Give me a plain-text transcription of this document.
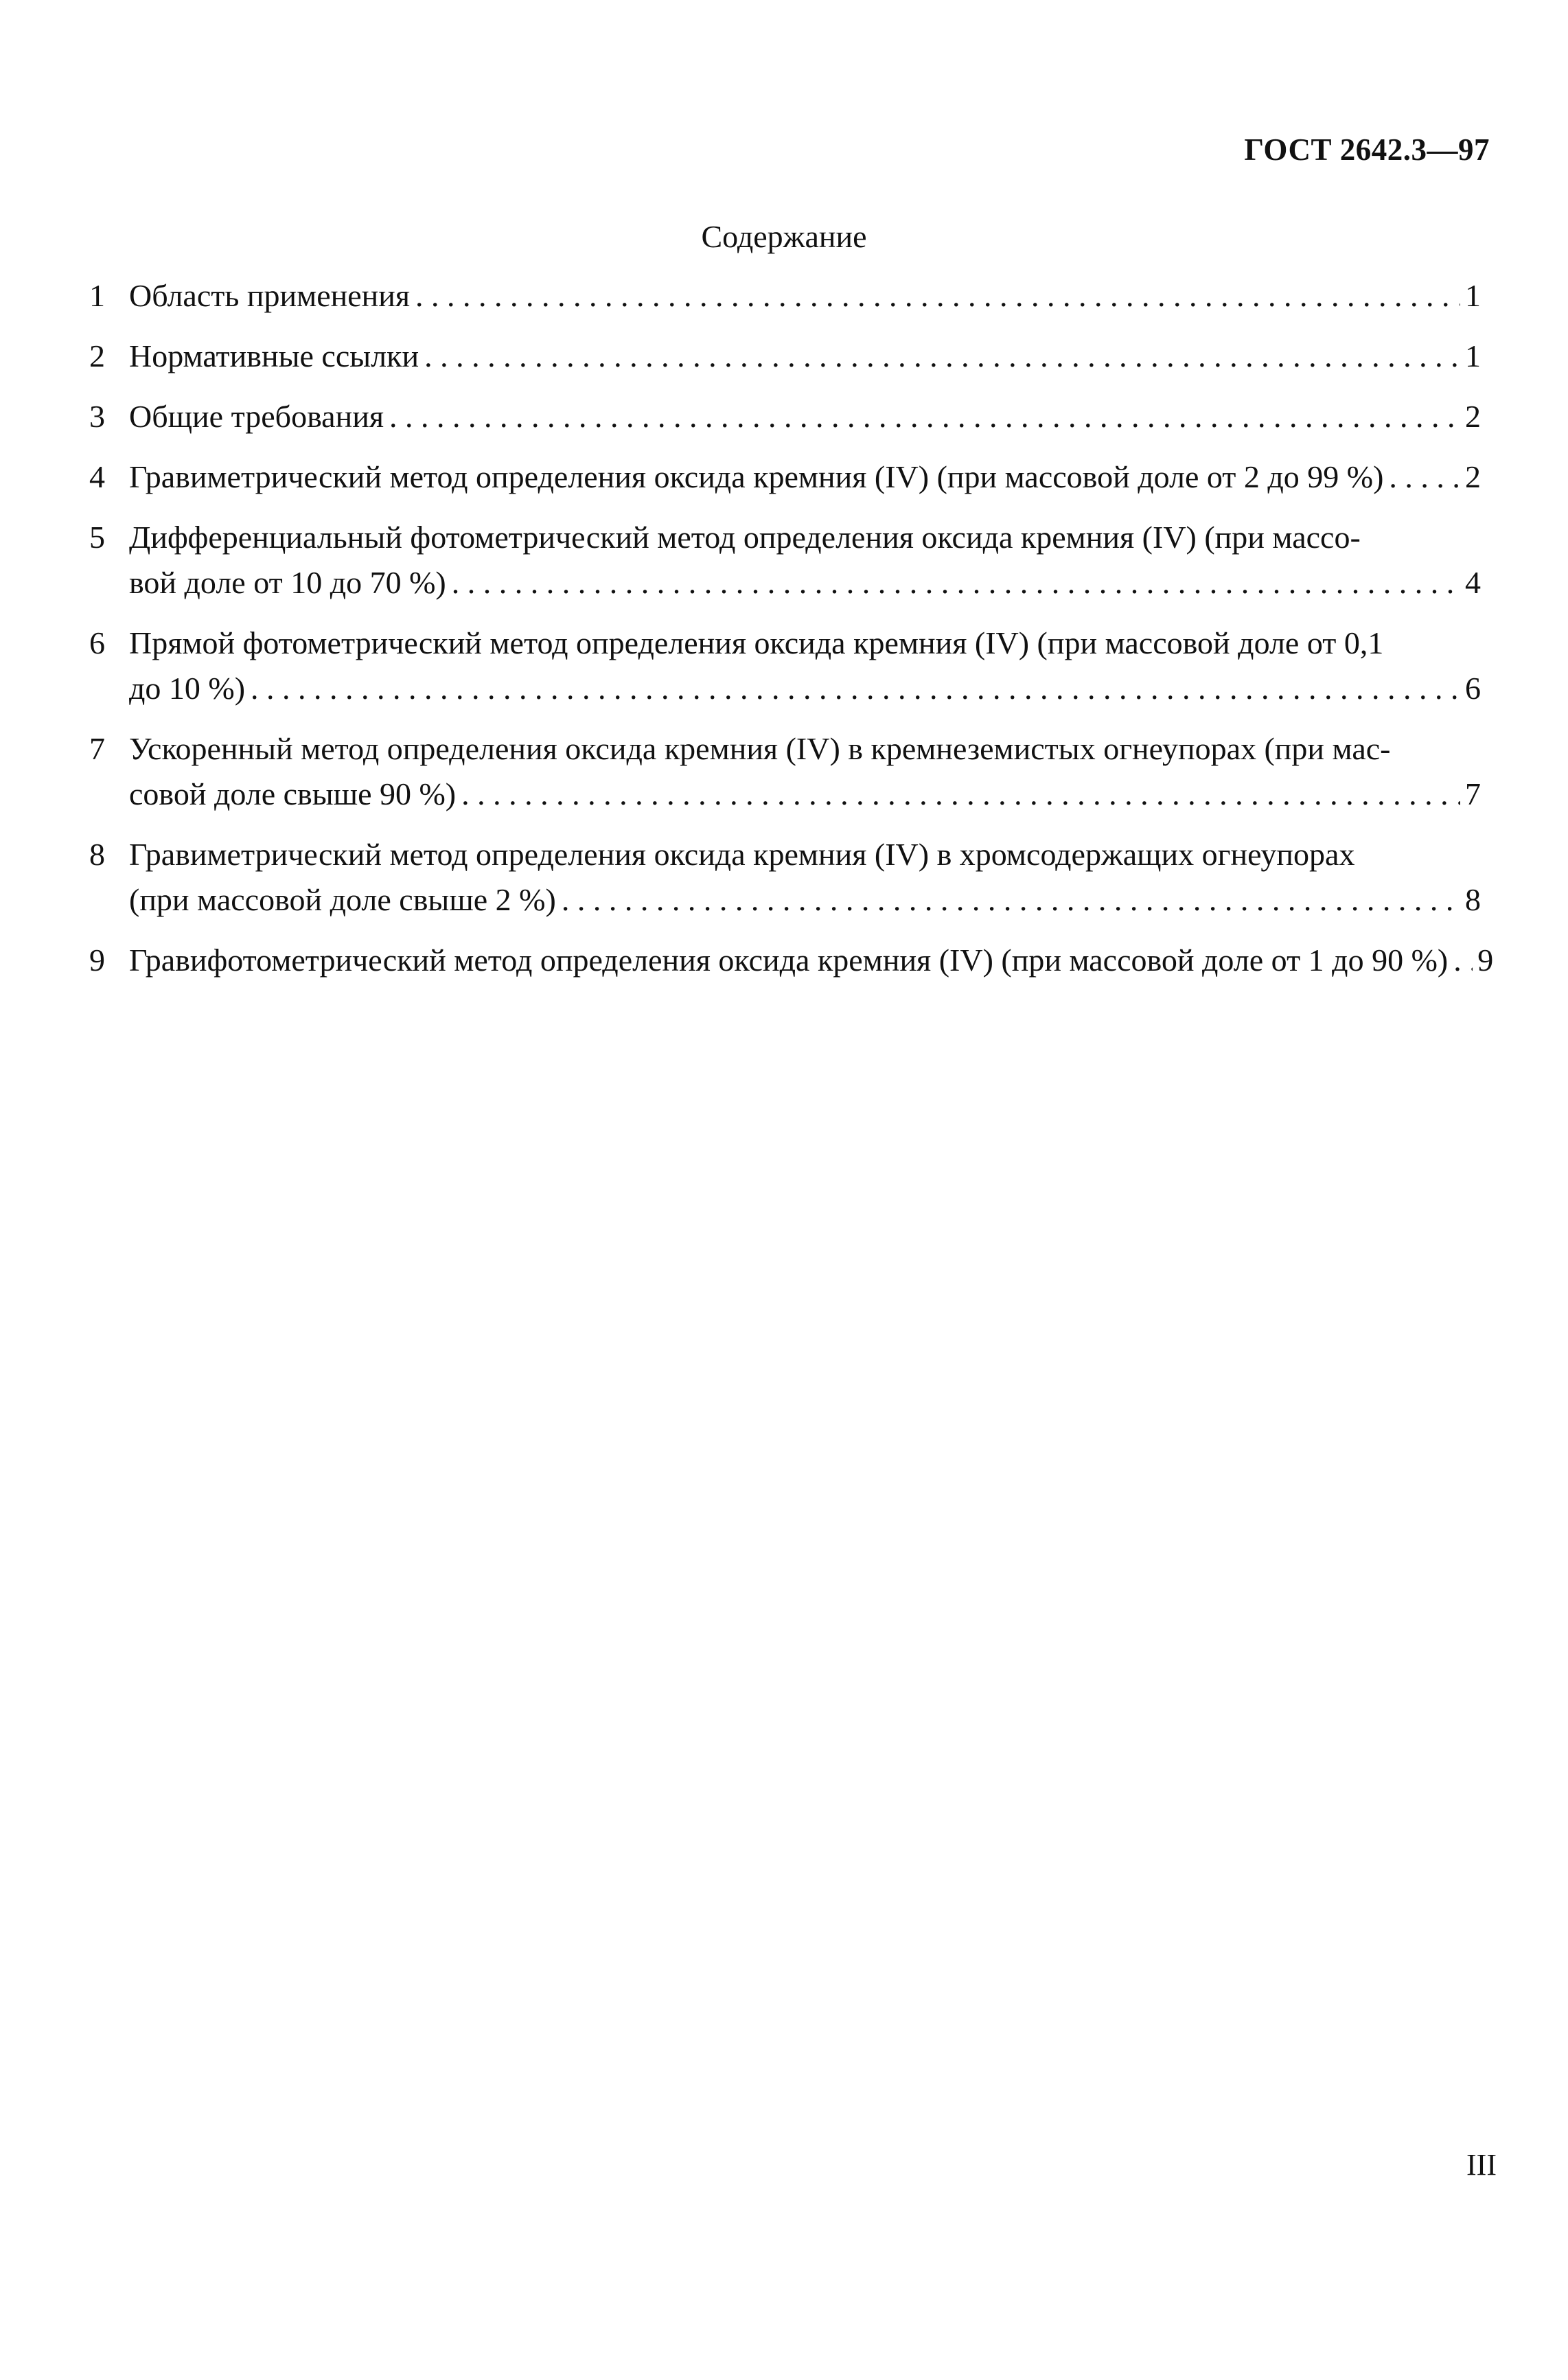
ГОСТ 2642.3—97
Содержание
1 Область применения . . .	1
2 Нормативные ссылки . . .	1
3 Общие требования . . .	2
4 Гравиметрический метод определения оксида кремния (IV) (при массовой доле от 2 до 99 %) . . .	2
5 Дифференциальный фотометрический метод определения оксида кремния (IV) (при массо-
вой доле от 10 до 70 %) . . .	4
6 Прямой фотометрический метод определения оксида кремния (IV) (при массовой доле от 0,1
до 10 %) . . .	6
7 Ускоренный метод определения оксида кремния (IV) в кремнеземистых огнеупорах (при мас-
совой доле свыше 90 %) . . .	7
8 Гравиметрический метод определения оксида кремния (IV) в хромсодержащих огнеупорах
(при массовой доле свыше 2 %) . . .	8
9 Гравифотометрический метод определения оксида кремния (IV) (при массовой доле от 1 до 90 %) . . . 9
III
